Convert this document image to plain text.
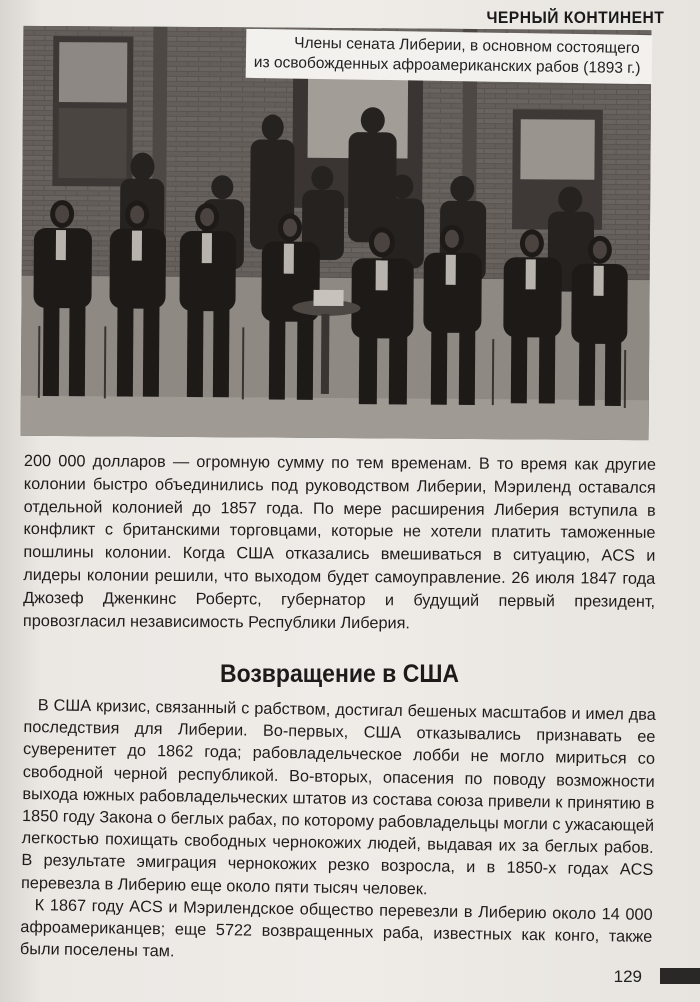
ЧЕРНЫЙ КОНТИНЕНТ
Члены сената Либерии, в основном состоящего
из освобожденных афроамериканских рабов (1893 г.)

200 000 долларов — огромную сумму по тем временам. В то время как другие колонии быстро объединились под руководством Либерии, Мэриленд оставался отдельной колонией до 1857 года. По мере расширения Либерия вступила в конфликт с британскими торговцами, которые не хотели платить таможенные пошлины колонии. Когда США отказались вмешиваться в ситуацию, ACS и лидеры колонии решили, что выходом будет самоуправление. 26 июля 1847 года Джозеф Дженкинс Робертс, губернатор и будущий первый президент, провозгласил независимость Республики Либерия.

Возвращение в США

В США кризис, связанный с рабством, достигал бешеных масштабов и имел два последствия для Либерии. Во-первых, США отказывались признавать ее суверенитет до 1862 года; рабовладельческое лобби не могло мириться со свободной черной республикой. Во-вторых, опасения по поводу возможности выхода южных рабовладельческих штатов из состава союза привели к принятию в 1850 году Закона о беглых рабах, по которому рабовладельцы могли с ужасающей легкостью похищать свободных чернокожих людей, выдавая их за беглых рабов. В результате эмиграция чернокожих резко возросла, и в 1850-х годах ACS перевезла в Либерию еще около пяти тысяч человек.

К 1867 году ACS и Мэрилендское общество перевезли в Либерию около 14 000 афроамериканцев; еще 5722 возвращенных раба, известных как конго, также были поселены там.

129
